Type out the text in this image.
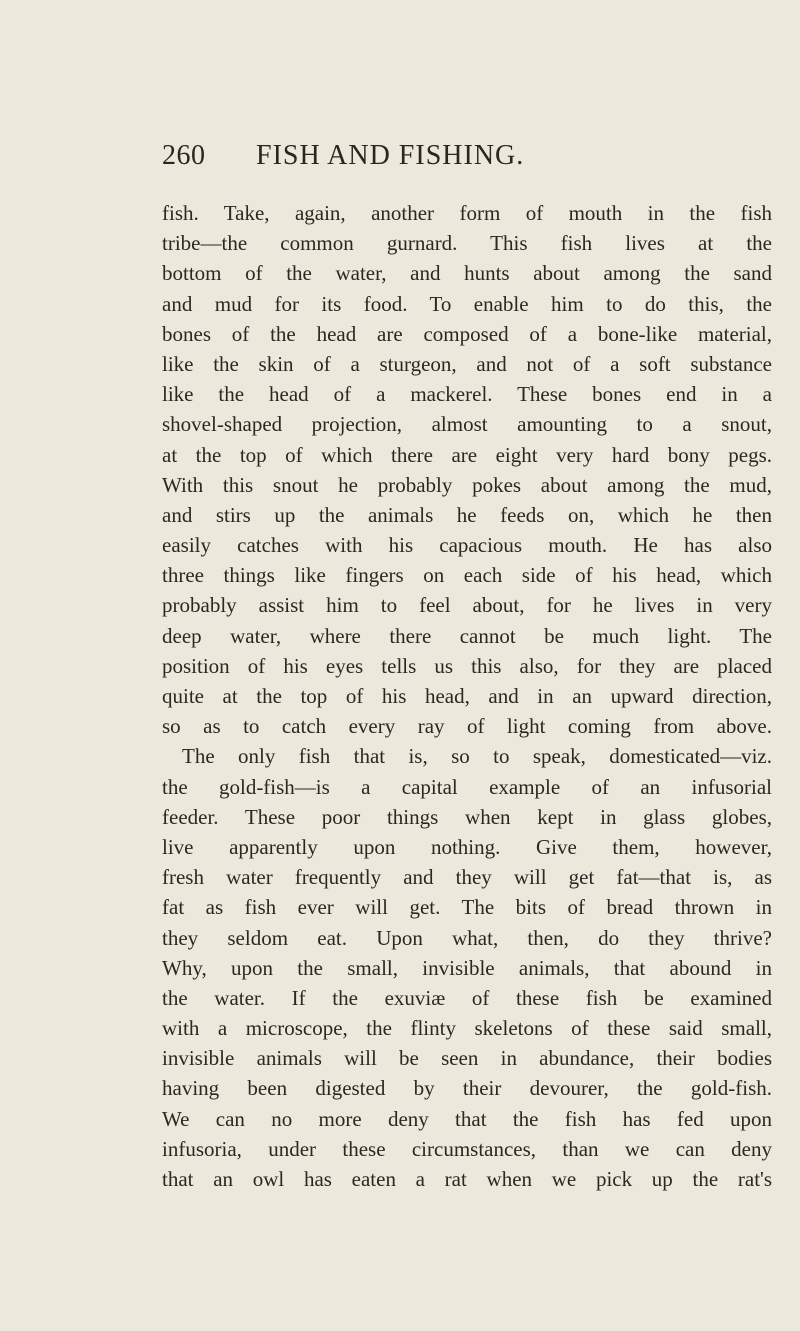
260 FISH AND FISHING.
fish. Take, again, another form of mouth in the fish
tribe—the common gurnard. This fish lives at the
bottom of the water, and hunts about among the sand
and mud for its food. To enable him to do this, the
bones of the head are composed of a bone-like material,
like the skin of a sturgeon, and not of a soft substance
like the head of a mackerel. These bones end in a
shovel-shaped projection, almost amounting to a snout,
at the top of which there are eight very hard bony pegs.
With this snout he probably pokes about among the mud,
and stirs up the animals he feeds on, which he then
easily catches with his capacious mouth. He has also
three things like fingers on each side of his head, which
probably assist him to feel about, for he lives in very
deep water, where there cannot be much light. The
position of his eyes tells us this also, for they are placed
quite at the top of his head, and in an upward direction,
so as to catch every ray of light coming from above.
The only fish that is, so to speak, domesticated—viz.
the gold-fish—is a capital example of an infusorial
feeder. These poor things when kept in glass globes,
live apparently upon nothing. Give them, however,
fresh water frequently and they will get fat—that is, as
fat as fish ever will get. The bits of bread thrown in
they seldom eat. Upon what, then, do they thrive?
Why, upon the small, invisible animals, that abound in
the water. If the exuviæ of these fish be examined
with a microscope, the flinty skeletons of these said small,
invisible animals will be seen in abundance, their bodies
having been digested by their devourer, the gold-fish.
We can no more deny that the fish has fed upon
infusoria, under these circumstances, than we can deny
that an owl has eaten a rat when we pick up the rat's
